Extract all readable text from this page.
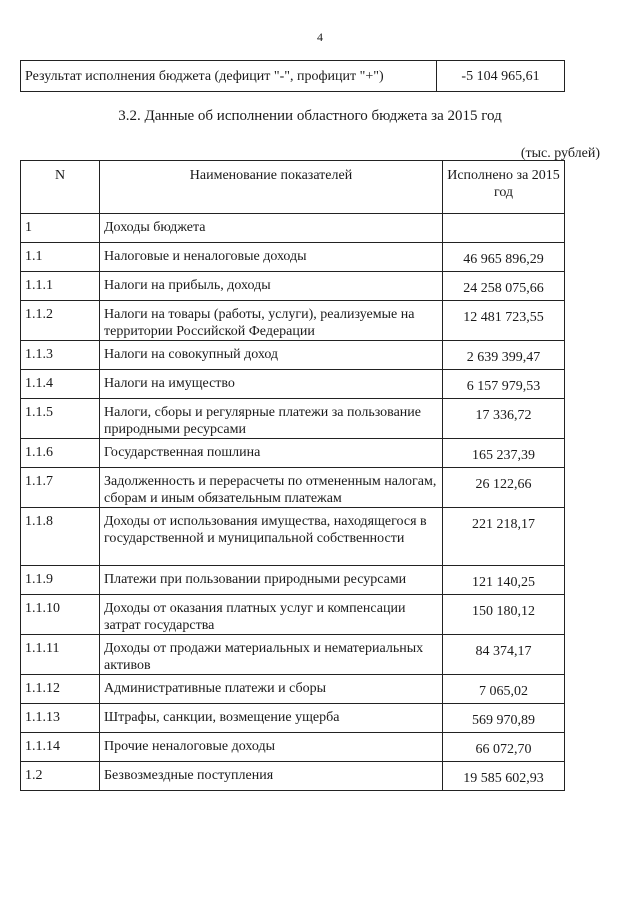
4
Результат исполнения бюджета (дефицит "-", профицит "+")	-5 104 965,61
3.2. Данные об исполнении областного бюджета за 2015 год
(тыс. рублей)
N	Наименование показателей	Исполнено за 2015 год
1	Доходы бюджета	
1.1	Налоговые и неналоговые доходы	46 965 896,29
1.1.1	Налоги на прибыль, доходы	24 258 075,66
1.1.2	Налоги на товары (работы, услуги), реализуемые на территории Российской Федерации	12 481 723,55
1.1.3	Налоги на совокупный доход	2 639 399,47
1.1.4	Налоги на имущество	6 157 979,53
1.1.5	Налоги, сборы и регулярные платежи за пользование природными ресурсами	17 336,72
1.1.6	Государственная пошлина	165 237,39
1.1.7	Задолженность и перерасчеты по отмененным налогам, сборам и иным обязательным платежам	26 122,66
1.1.8	Доходы от использования имущества, находящегося в государственной и муниципальной собственности	221 218,17
1.1.9	Платежи при пользовании природными ресурсами	121 140,25
1.1.10	Доходы от оказания платных услуг и компенсации затрат государства	150 180,12
1.1.11	Доходы от продажи материальных и нематериальных активов	84 374,17
1.1.12	Административные платежи и сборы	7 065,02
1.1.13	Штрафы, санкции, возмещение ущерба	569 970,89
1.1.14	Прочие неналоговые доходы	66 072,70
1.2	Безвозмездные поступления	19 585 602,93
